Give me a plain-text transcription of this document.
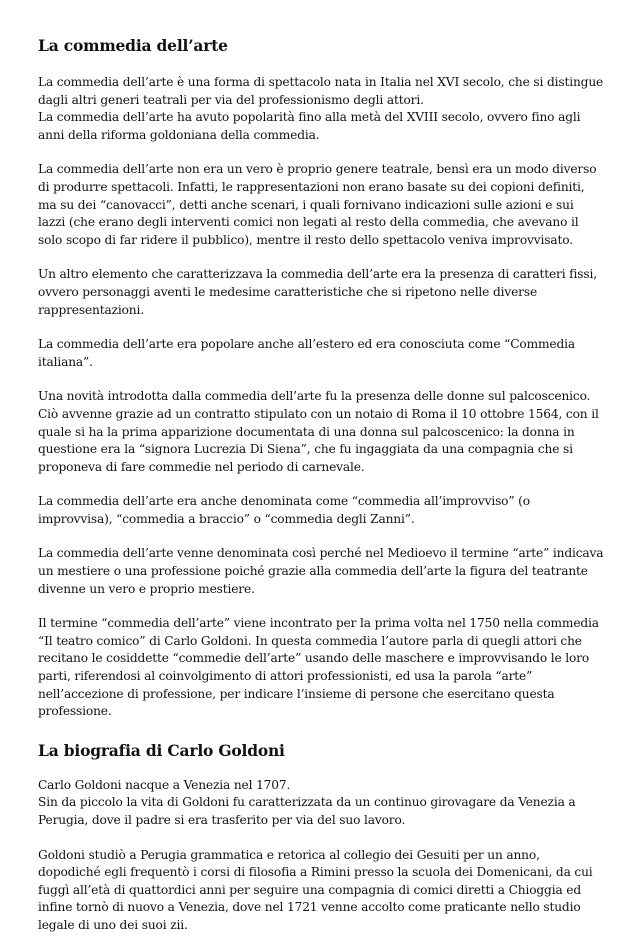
La commedia dell’arte

La commedia dell’arte è una forma di spettacolo nata in Italia nel XVI secolo, che si distingue dagli altri generi teatrali per via del professionismo degli attori.
La commedia dell’arte ha avuto popolarità fino alla metà del XVIII secolo, ovvero fino agli anni della riforma goldoniana della commedia.

La commedia dell’arte non era un vero è proprio genere teatrale, bensì era un modo diverso di produrre spettacoli. Infatti, le rappresentazioni non erano basate su dei copioni definiti, ma su dei “canovacci”, detti anche scenari, i quali fornivano indicazioni sulle azioni e sui lazzi (che erano degli interventi comici non legati al resto della commedia, che avevano il solo scopo di far ridere il pubblico), mentre il resto dello spettacolo veniva improvvisato.

Un altro elemento che caratterizzava la commedia dell’arte era la presenza di caratteri fissi, ovvero personaggi aventi le medesime caratteristiche che si ripetono nelle diverse rappresentazioni.

La commedia dell’arte era popolare anche all’estero ed era conosciuta come “Commedia italiana”.

Una novità introdotta dalla commedia dell’arte fu la presenza delle donne sul palcoscenico. Ciò avvenne grazie ad un contratto stipulato con un notaio di Roma il 10 ottobre 1564, con il quale si ha la prima apparizione documentata di una donna sul palcoscenico: la donna in questione era la “signora Lucrezia Di Siena”, che fu ingaggiata da una compagnia che si proponeva di fare commedie nel periodo di carnevale.

La commedia dell’arte era anche denominata come “commedia all’improvviso” (o improvvisa), “commedia a braccio” o “commedia degli Zanni”.

La commedia dell’arte venne denominata così perché nel Medioevo il termine “arte” indicava un mestiere o una professione poiché grazie alla commedia dell’arte la figura del teatrante divenne un vero e proprio mestiere.

Il termine “commedia dell’arte” viene incontrato per la prima volta nel 1750 nella commedia “Il teatro comico” di Carlo Goldoni. In questa commedia l’autore parla di quegli attori che recitano le cosiddette “commedie dell’arte” usando delle maschere e improvvisando le loro parti, riferendosi al coinvolgimento di attori professionisti, ed usa la parola “arte” nell’accezione di professione, per indicare l’insieme di persone che esercitano questa professione.

La biografia di Carlo Goldoni

Carlo Goldoni nacque a Venezia nel 1707.
Sin da piccolo la vita di Goldoni fu caratterizzata da un continuo girovagare da Venezia a Perugia, dove il padre si era trasferito per via del suo lavoro.

Goldoni studiò a Perugia grammatica e retorica al collegio dei Gesuiti per un anno, dopodiché egli frequentò i corsi di filosofia a Rimini presso la scuola dei Domenicani, da cui fuggì all’età di quattordici anni per seguire una compagnia di comici diretti a Chioggia ed infine tornò di nuovo a Venezia, dove nel 1721 venne accolto come praticante nello studio legale di uno dei suoi zii.
